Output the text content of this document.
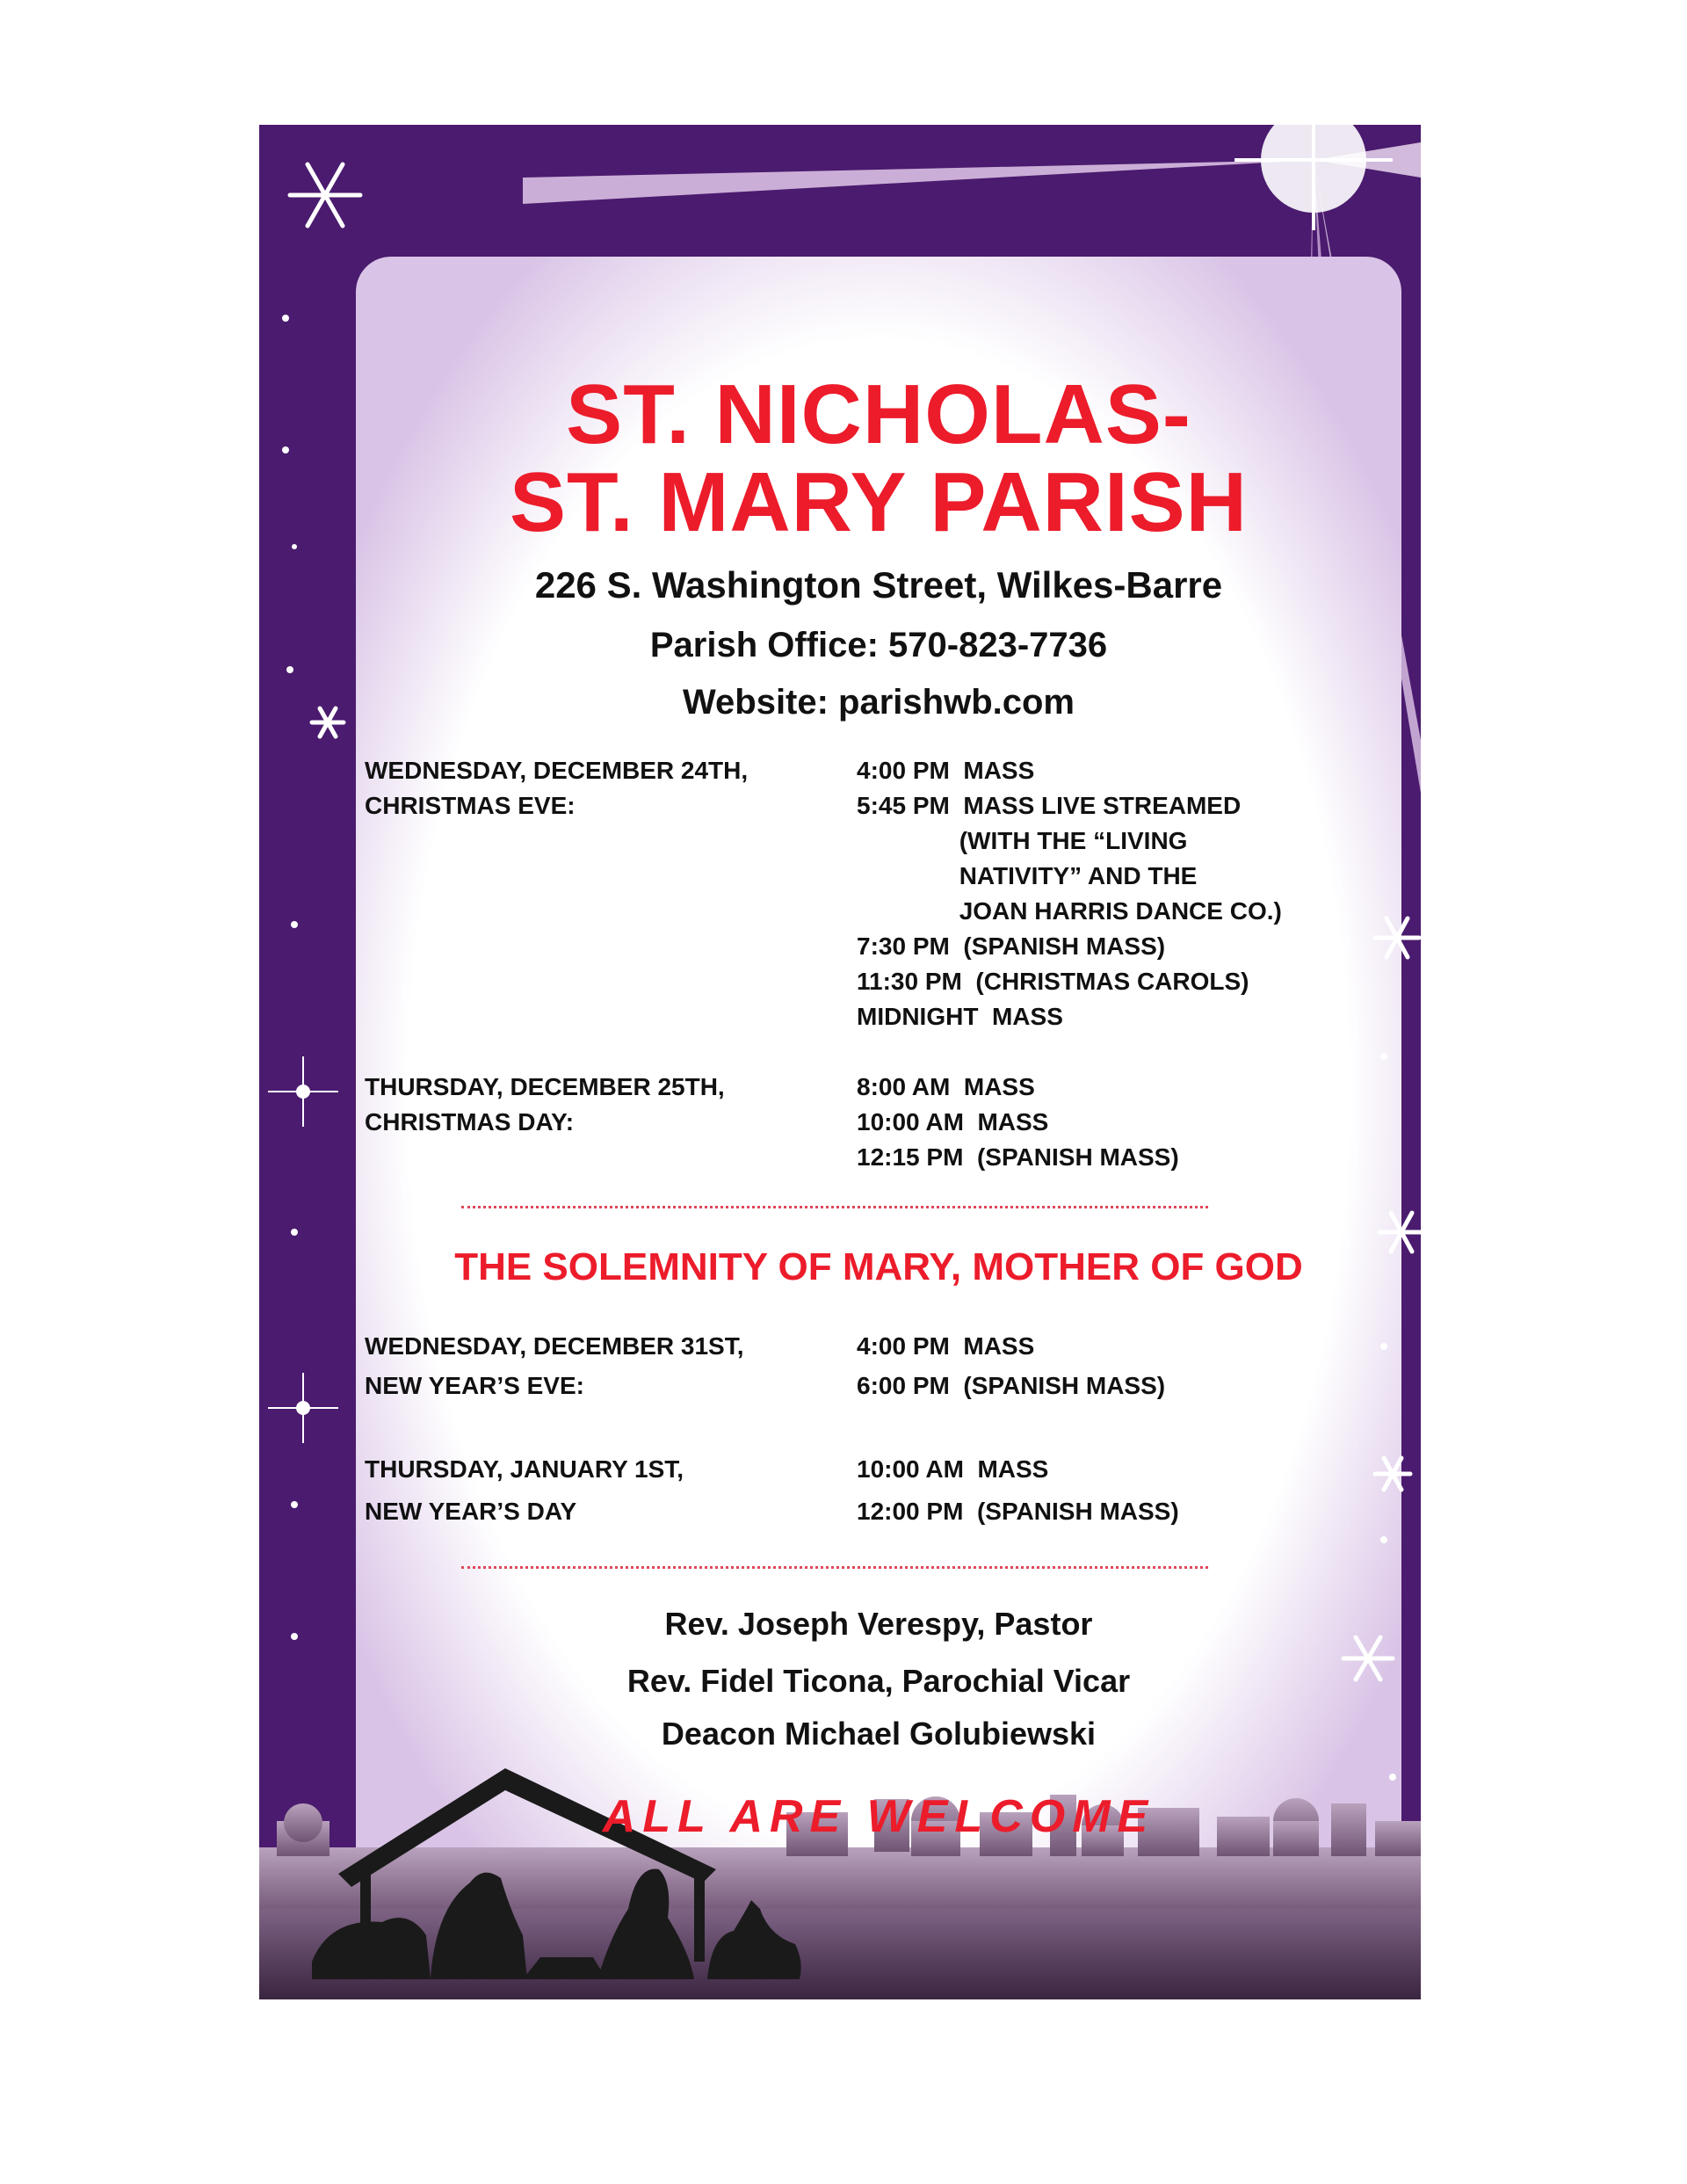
ST. NICHOLAS-
ST. MARY PARISH
226 S. Washington Street, Wilkes-Barre
Parish Office: 570-823-7736
Website: parishwb.com
WEDNESDAY, DECEMBER 24TH,
CHRISTMAS EVE:
4:00 PM  MASS
5:45 PM  MASS LIVE STREAMED
(WITH THE “LIVING
NATIVITY” AND THE
JOAN HARRIS DANCE CO.)
7:30 PM  (SPANISH MASS)
11:30 PM  (CHRISTMAS CAROLS)
MIDNIGHT  MASS
THURSDAY, DECEMBER 25TH,
CHRISTMAS DAY:
8:00 AM  MASS
10:00 AM  MASS
12:15 PM  (SPANISH MASS)
THE SOLEMNITY OF MARY, MOTHER OF GOD
WEDNESDAY, DECEMBER 31ST,
NEW YEAR’S EVE:
4:00 PM  MASS
6:00 PM  (SPANISH MASS)
THURSDAY, JANUARY 1ST,
NEW YEAR’S DAY
10:00 AM  MASS
12:00 PM  (SPANISH MASS)
Rev. Joseph Verespy, Pastor
Rev. Fidel Ticona, Parochial Vicar
Deacon Michael Golubiewski
ALL ARE WELCOME
